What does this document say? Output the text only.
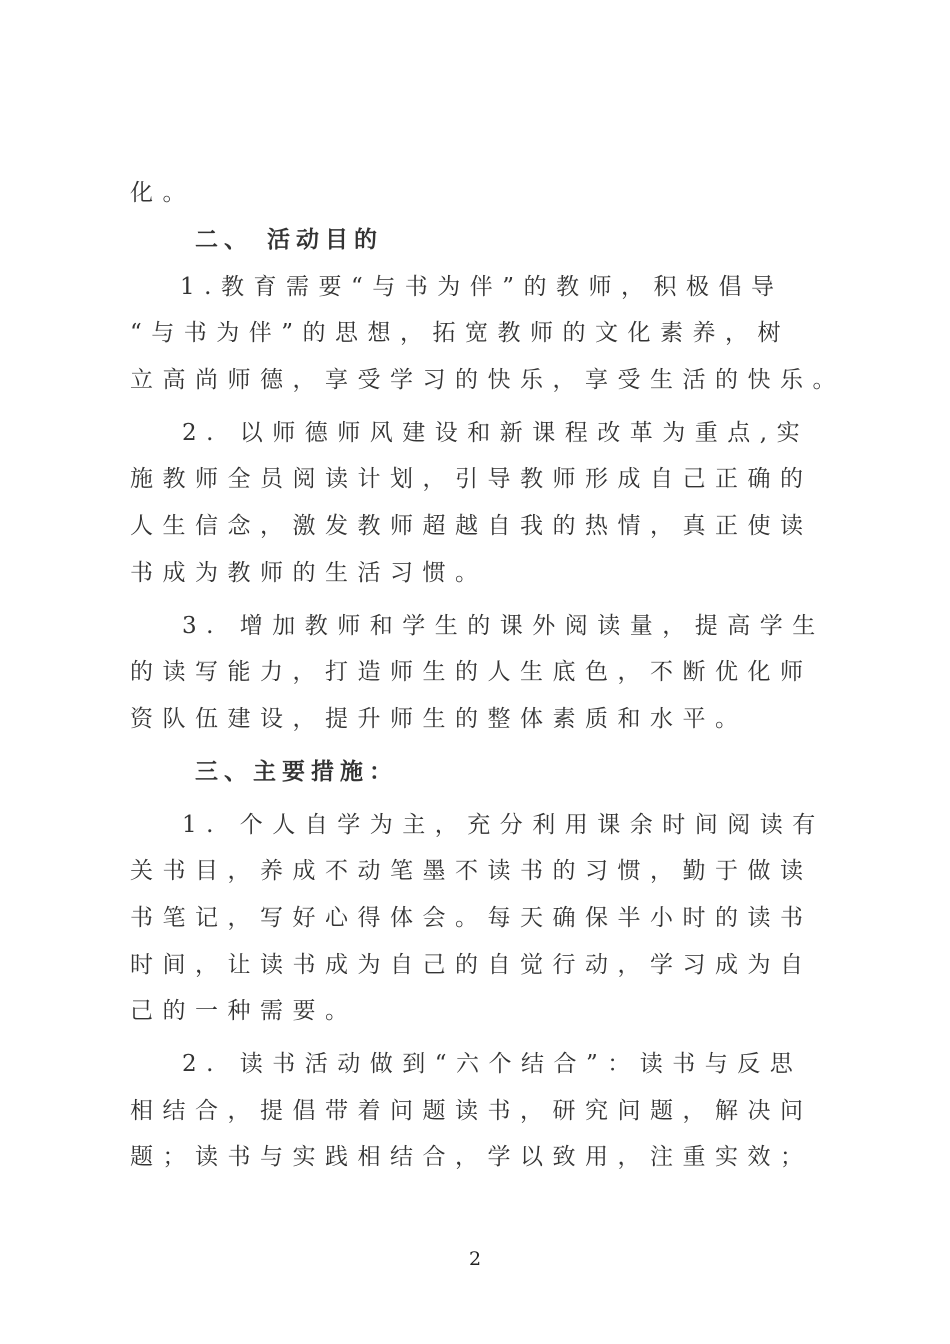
化。
二、 活动目的
1.教育需要“与书为伴”的教师，积极倡导
“与书为伴”的思想，拓宽教师的文化素养，树
立高尚师德，享受学习的快乐，享受生活的快乐。
2. 以师德师风建设和新课程改革为重点,实
施教师全员阅读计划，引导教师形成自己正确的
人生信念，激发教师超越自我的热情，真正使读
书成为教师的生活习惯。
3. 增加教师和学生的课外阅读量，提高学生
的读写能力，打造师生的人生底色，不断优化师
资队伍建设，提升师生的整体素质和水平。
三、主要措施：
1. 个人自学为主，充分利用课余时间阅读有
关书目，养成不动笔墨不读书的习惯，勤于做读
书笔记，写好心得体会。每天确保半小时的读书
时间，让读书成为自己的自觉行动，学习成为自
己的一种需要。
2. 读书活动做到“六个结合”：读书与反思
相结合，提倡带着问题读书，研究问题，解决问
题；读书与实践相结合，学以致用，注重实效；
2
